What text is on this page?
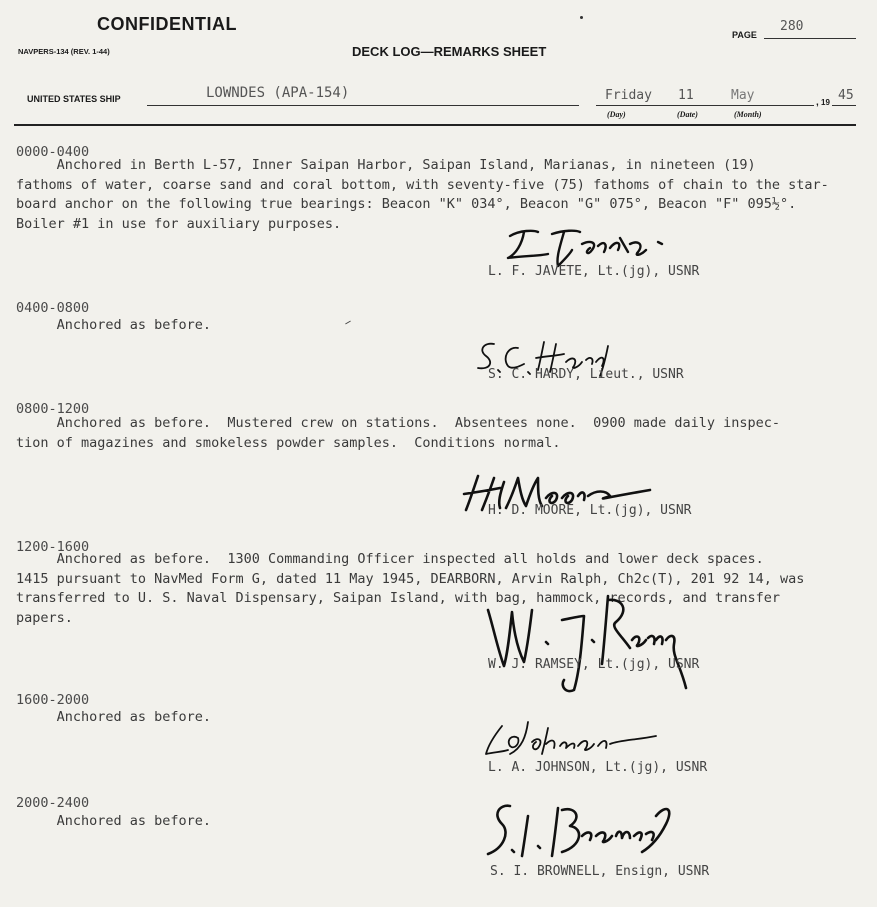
CONFIDENTIAL
NAVPERS-134 (REV. 1-44)	DECK LOG—REMARKS SHEET
PAGE
280
UNITED STATES SHIP	LOWNDES (APA-154)	Friday 11	May
(Day)	(Date)	(Month)
, 19 45
0000-0400
Anchored in Berth L-57, Inner Saipan Harbor, Saipan Island, Marianas, in nineteen (19)
fathoms of water, coarse sand and coral bottom, with seventy-five (75) fathoms of chain to the star-
board anchor on the following true bearings: Beacon "K" 034°, Beacon "G" 075°, Beacon "F" 095½°.
Boiler #1 in use for auxiliary purposes.
L. F. JAVETE, Lt.(jg), USNR
0400-0800
Anchored as before.
S. C. HARDY, Lieut., USNR
0800-1200
Anchored as before.  Mustered crew on stations.  Absentees none.  0900 made daily inspec-
tion of magazines and smokeless powder samples.  Conditions normal.
H. D. MOORE, Lt.(jg), USNR
1200-1600
Anchored as before.  1300 Commanding Officer inspected all holds and lower deck spaces.
1415 pursuant to NavMed Form G, dated 11 May 1945, DEARBORN, Arvin Ralph, Ch2c(T), 201 92 14, was
transferred to U. S. Naval Dispensary, Saipan Island, with bag, hammock, records, and transfer
papers.
W. J. RAMSEY, Lt.(jg), USNR
1600-2000
Anchored as before.
L. A. JOHNSON, Lt.(jg), USNR
2000-2400
Anchored as before.
S. I. BROWNELL, Ensign, USNR
